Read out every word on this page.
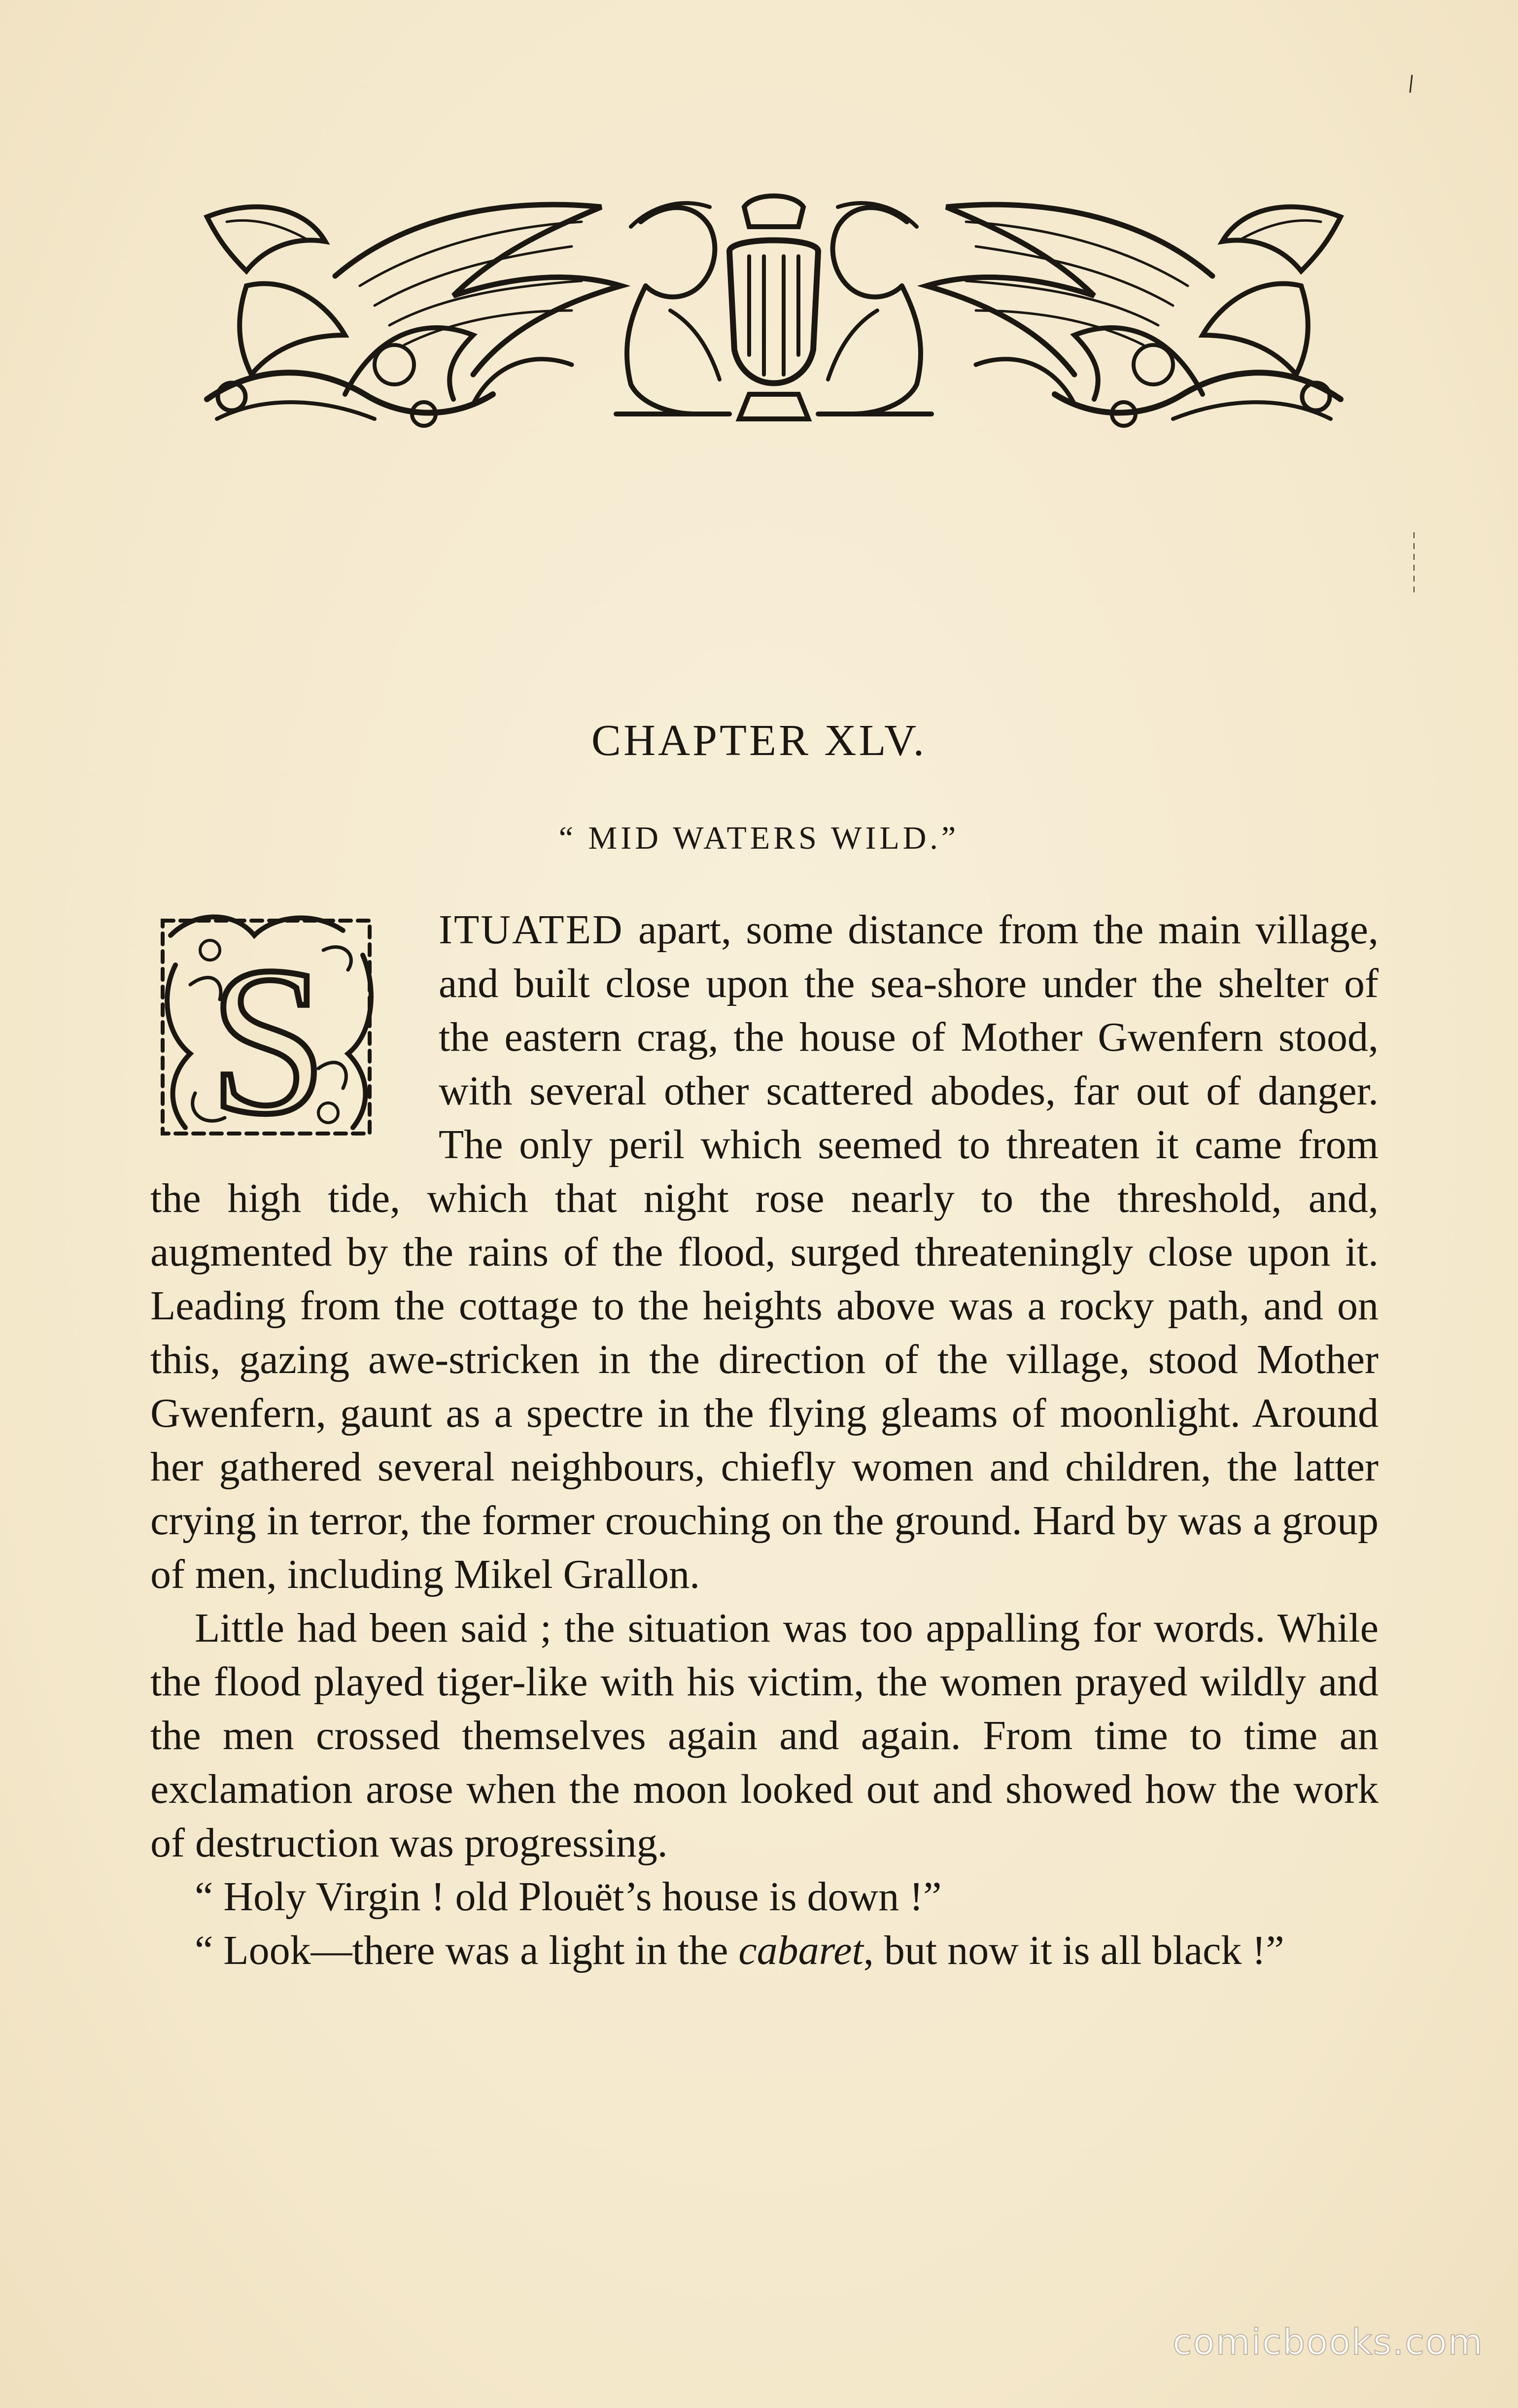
CHAPTER XLV.
“ MID WATERS WILD.”
S	ITUATED apart, some distance from the main village, and built close upon the sea-shore under the shelter of the eastern crag, the house of Mother Gwenfern stood, with several other scattered abodes, far out of danger. The only peril which seemed to threaten it came from the high tide, which that night rose nearly to the threshold, and, augmented by the rains of the flood, surged threateningly close upon it. Leading from the cottage to the heights above was a rocky path, and on this, gazing awe-stricken in the direction of the village, stood Mother Gwenfern, gaunt as a spectre in the flying gleams of moonlight. Around her gathered several neighbours, chiefly women and children, the latter crying in terror, the former crouching on the ground. Hard by was a group of men, including Mikel Grallon.

Little had been said ; the situation was too appalling for words. While the flood played tiger-like with his victim, the women prayed wildly and the men crossed themselves again and again. From time to time an exclamation arose when the moon looked out and showed how the work of destruction was progressing.

“ Holy Virgin ! old Plouët’s house is down !”

“ Look—there was a light in the cabaret, but now it is all black !”

comicbooks.com
